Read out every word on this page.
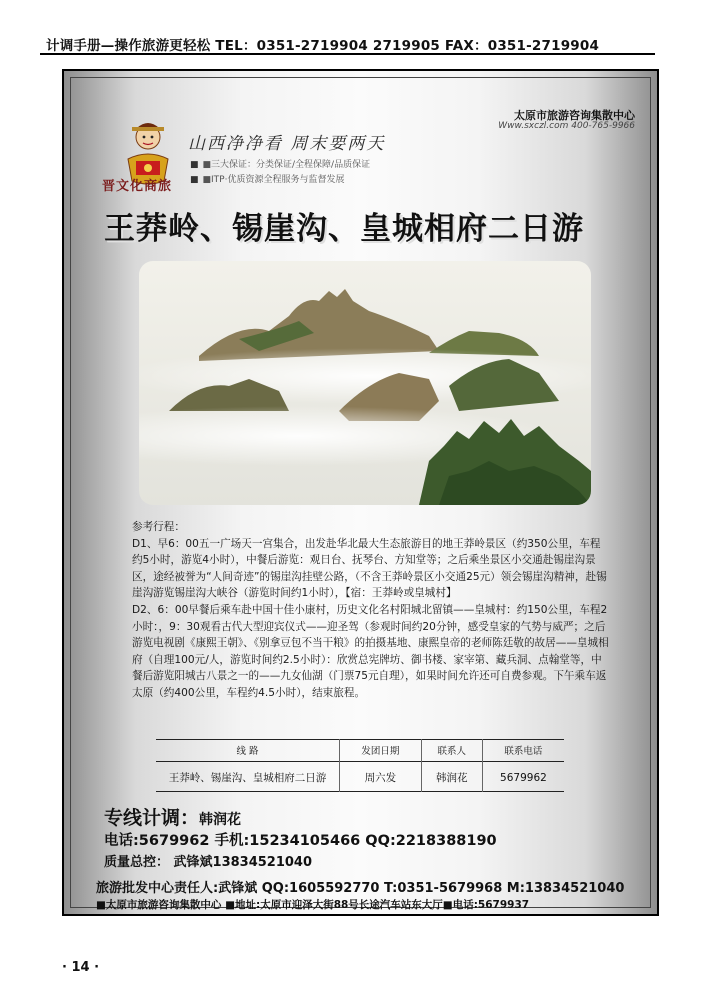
计调手册—操作旅游更轻松 TEL：0351-2719904 2719905 FAX：0351-2719904
太原市旅游咨询集散中心
Www.sxczl.com 400-765-9966
晋文化商旅
山西净净看 周末要两天
■ ■三大保证：分类保证/全程保障/品质保证
■ ■ITP·优质资源全程服务与监督发展
王莽岭、锡崖沟、皇城相府二日游

参考行程：

D1、早6：00五一广场天一宫集合，出发赴华北最大生态旅游目的地王莽岭景区（约350公里，车程约5小时，游览4小时），中餐后游览：观日台、抚琴台、方知堂等；之后乘坐景区小交通赴锡崖沟景区，途经被誉为“人间奇迹”的锡崖沟挂壁公路，（不含王莽岭景区小交通25元）领会锡崖沟精神，赴锡崖沟游览锡崖沟大峡谷（游览时间约1小时），【宿：王莽岭或皇城村】

D2、6：00早餐后乘车赴中国十佳小康村，历史文化名村阳城北留镇——皇城村：约150公里，车程2小时：，9：30观看古代大型迎宾仪式——迎圣驾（参观时间约20分钟，感受皇家的气势与威严；之后游览电视剧《康熙王朝》、《别拿豆包不当干粮》的拍摄基地、康熙皇帝的老师陈廷敬的故居——皇城相府（自理100元/人，游览时间约2.5小时）：欣赏总宪牌坊、御书楼、家宰第、藏兵洞、点翰堂等，中餐后游览阳城古八景之一的——九女仙湖（门票75元自理），如果时间允许还可自费参观。下午乘车返太原（约400公里，车程约4.5小时），结束旅程。

线 路	发团日期	联系人	联系电话
王莽岭、锡崖沟、皇城相府二日游	周六发	韩润花	5679962
专线计调：韩润花
电话:5679962 手机:15234105466 QQ:2218388190
质量总控： 武锋斌13834521040
旅游批发中心责任人:武锋斌 QQ:1605592770 T:0351-5679968 M:13834521040
■太原市旅游咨询集散中心 ■地址:太原市迎泽大街88号长途汽车站东大厅■电话:5679937
· 14 ·
